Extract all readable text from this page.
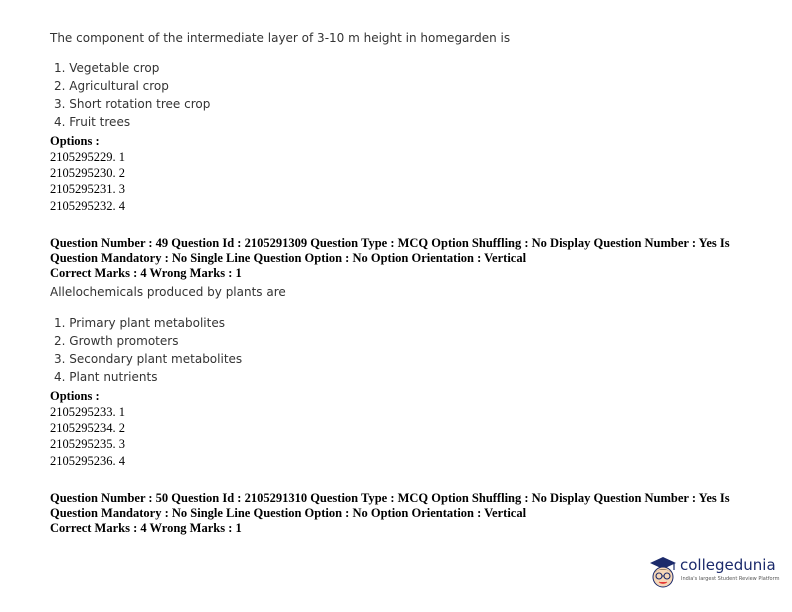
The component of the intermediate layer of 3-10 m height in homegarden is
1. Vegetable crop
2. Agricultural crop
3. Short rotation tree crop
4. Fruit trees
Options :
2105295229. 1
2105295230. 2
2105295231. 3
2105295232. 4
Question Number : 49 Question Id : 2105291309 Question Type : MCQ Option Shuffling : No Display Question Number : Yes Is
Question Mandatory : No Single Line Question Option : No Option Orientation : Vertical
Correct Marks : 4 Wrong Marks : 1
Allelochemicals produced by plants are
1. Primary plant metabolites
2. Growth promoters
3. Secondary plant metabolites
4. Plant nutrients
Options :
2105295233. 1
2105295234. 2
2105295235. 3
2105295236. 4
Question Number : 50 Question Id : 2105291310 Question Type : MCQ Option Shuffling : No Display Question Number : Yes Is
Question Mandatory : No Single Line Question Option : No Option Orientation : Vertical
Correct Marks : 4 Wrong Marks : 1
collegedunia
India's largest Student Review Platform
